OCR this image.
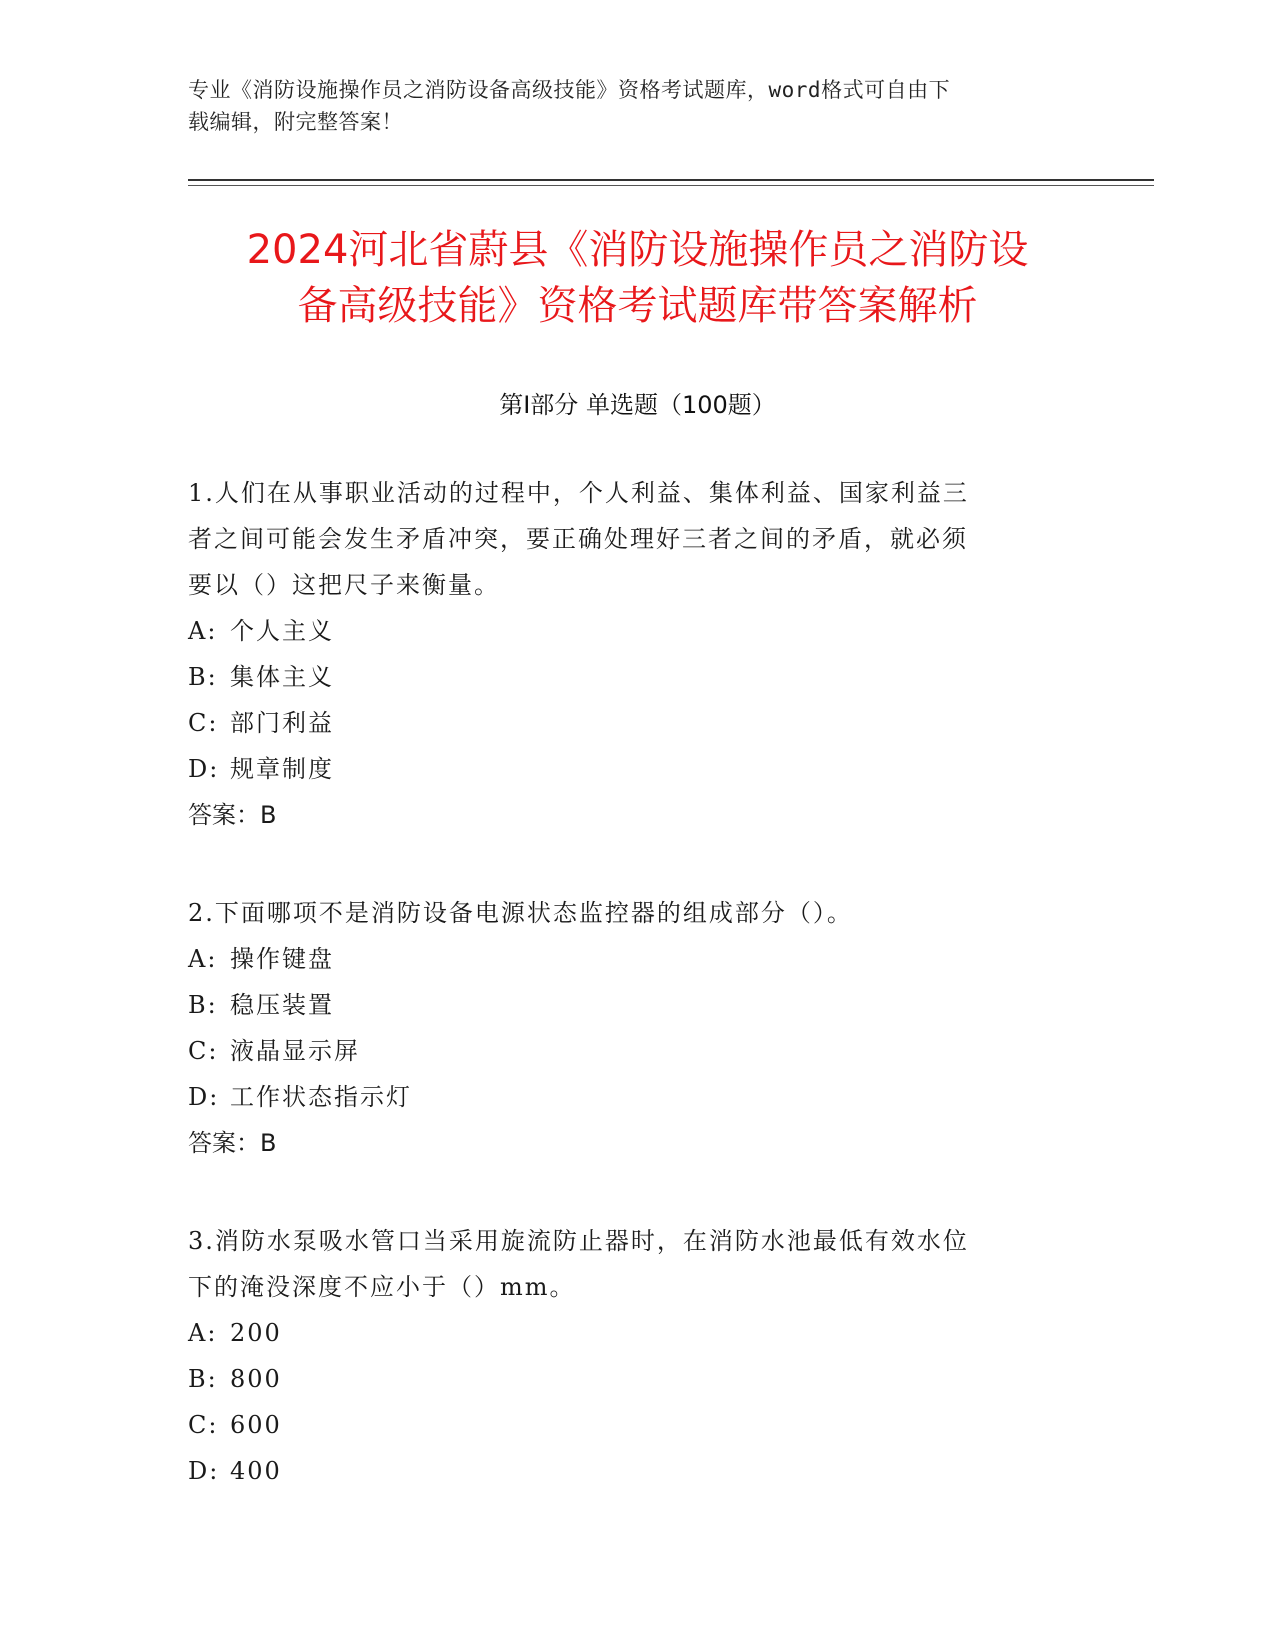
专业《消防设施操作员之消防设备高级技能》资格考试题库，word格式可自由下
载编辑，附完整答案！
2024河北省蔚县《消防设施操作员之消防设
备高级技能》资格考试题库带答案解析
第Ⅰ部分 单选题（100题）

1.人们在从事职业活动的过程中，个人利益、集体利益、国家利益三

者之间可能会发生矛盾冲突，要正确处理好三者之间的矛盾，就必须

要以（）这把尺子来衡量。

A: 个人主义
B: 集体主义
C: 部门利益
D: 规章制度

答案：B

2.下面哪项不是消防设备电源状态监控器的组成部分（）。

A: 操作键盘
B: 稳压装置
C: 液晶显示屏
D: 工作状态指示灯

答案：B

3.消防水泵吸水管口当采用旋流防止器时，在消防水池最低有效水位

下的淹没深度不应小于（）mm。

A: 200
B: 800
C: 600
D: 400
